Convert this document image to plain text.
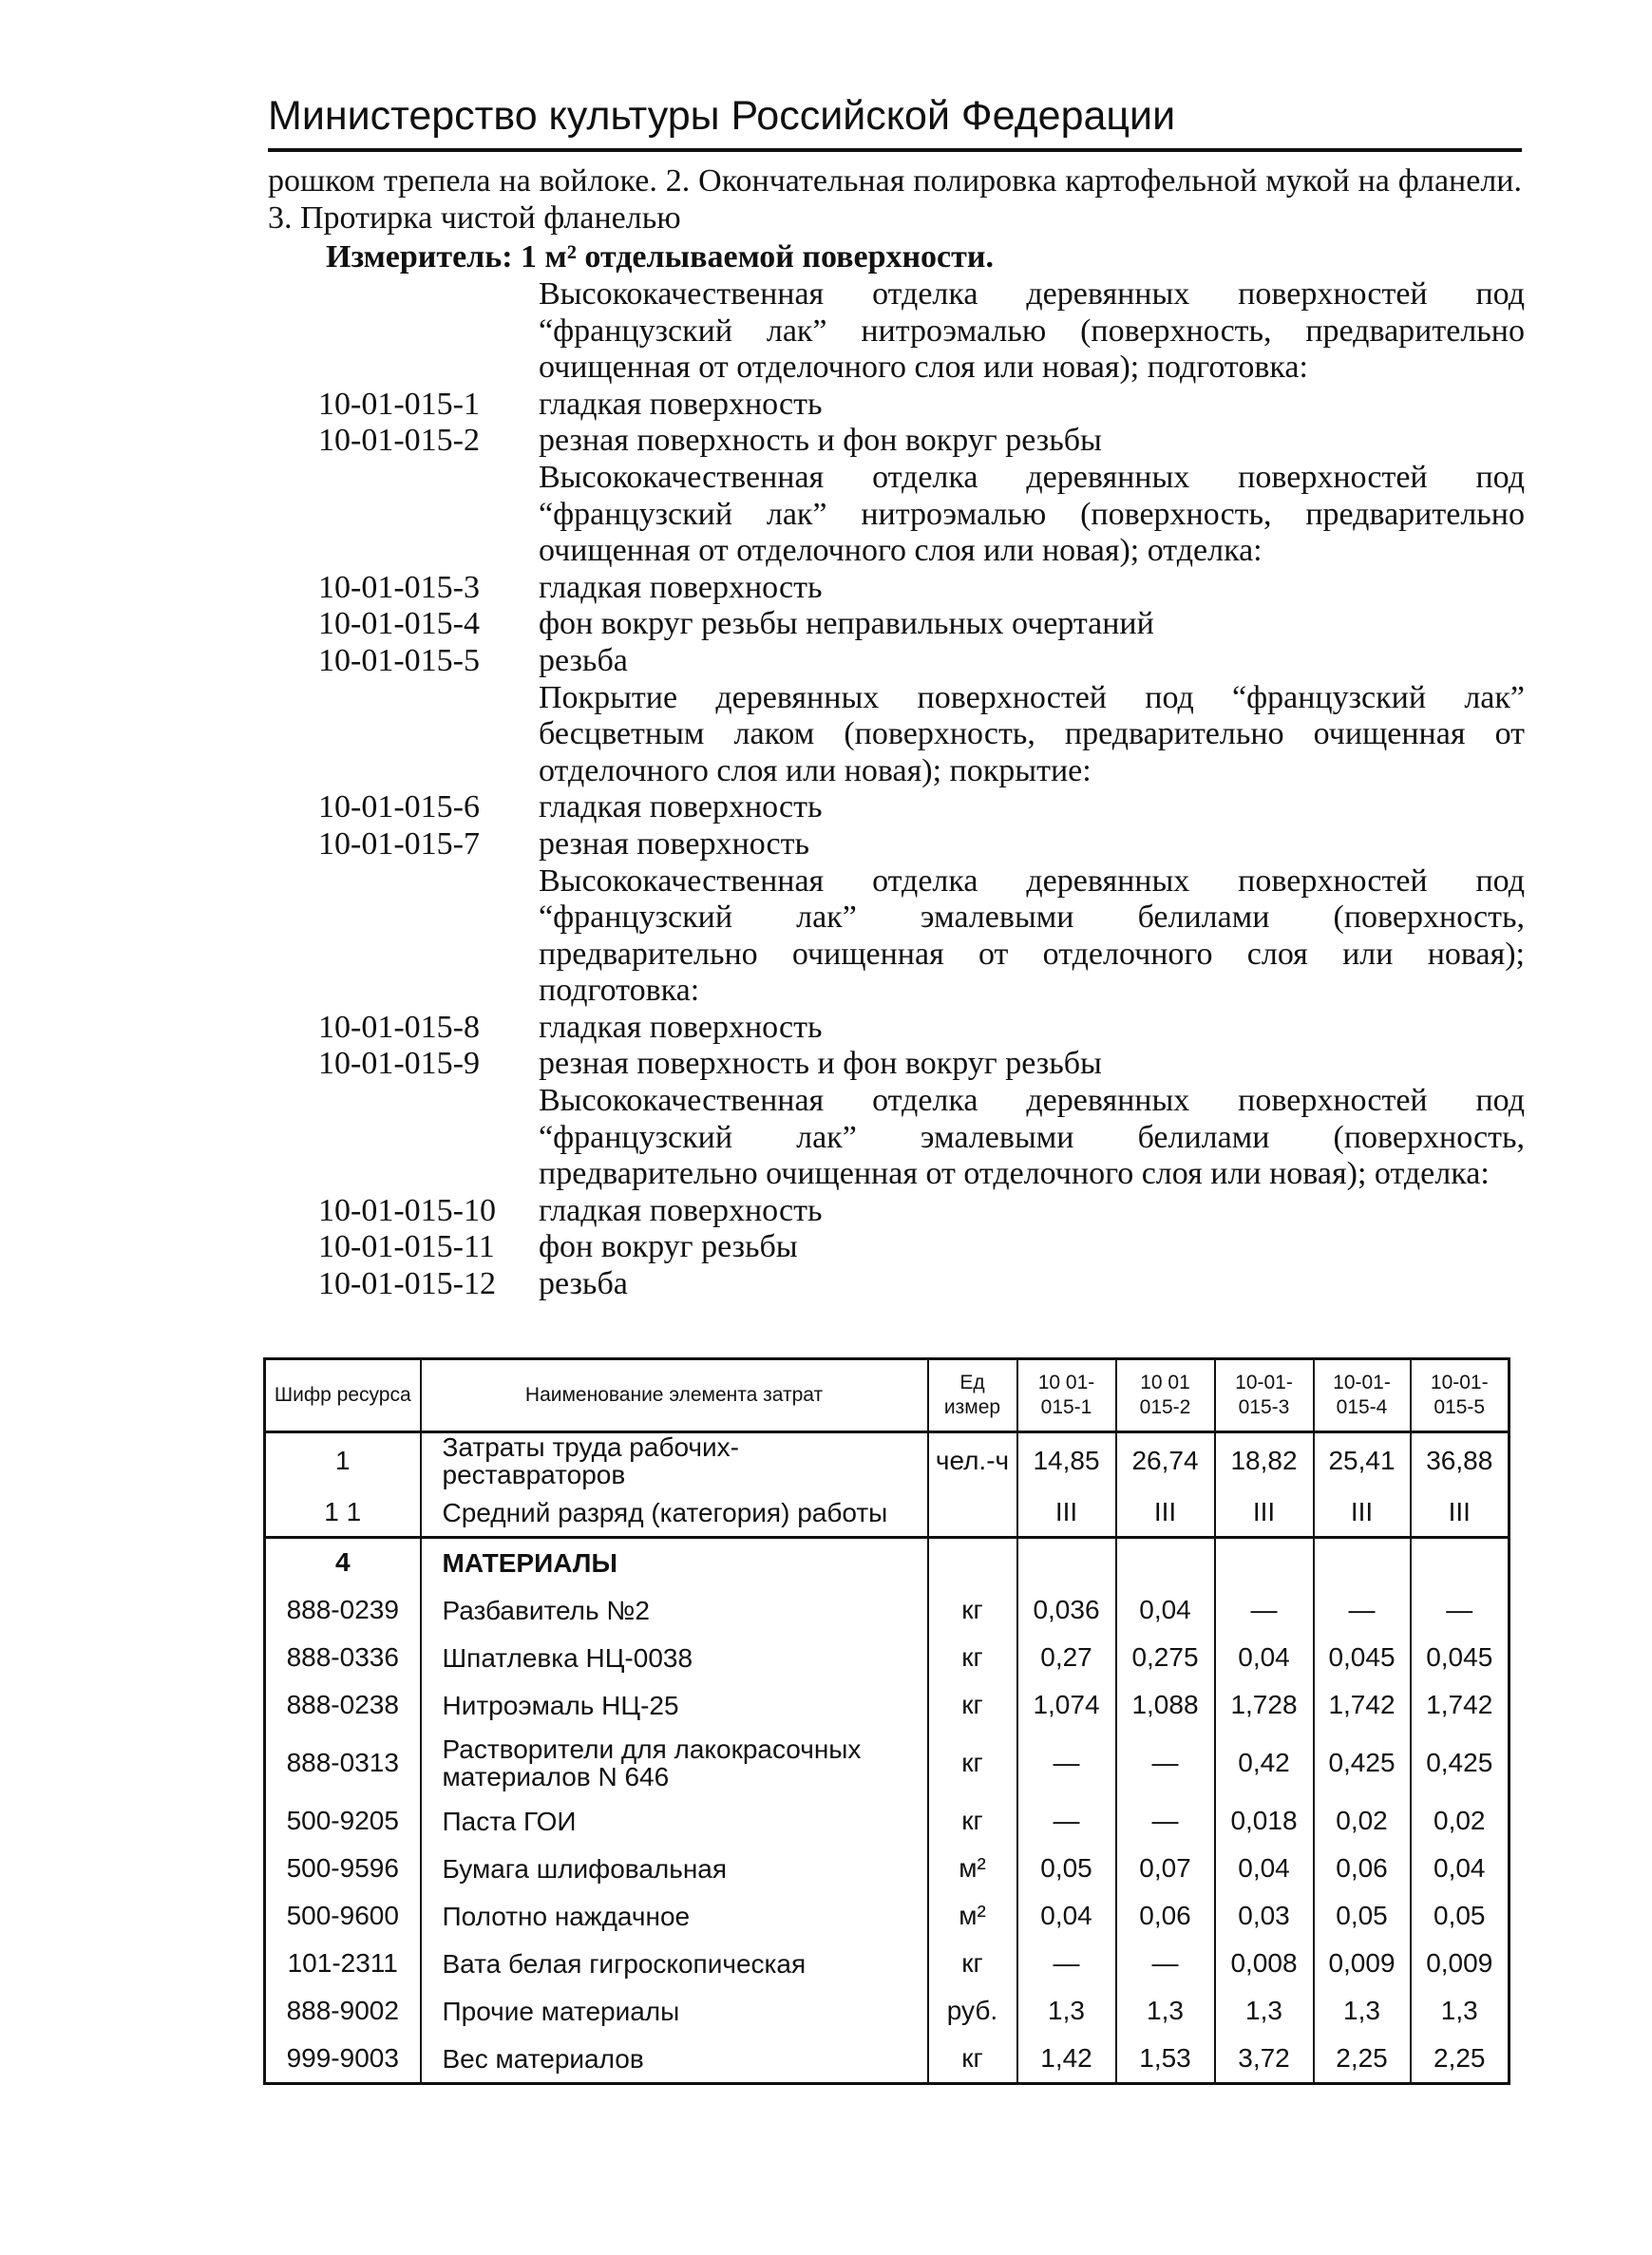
Министерство культуры Российской Федерации
рошком трепела на войлоке. 2. Окончательная полировка картофельной мукой на фланели. 3. Протирка чистой фланелью
Измеритель: 1 м² отделываемой поверхности.
Высококачественная отделка деревянных поверхностей под “французский лак” нитроэмалью (поверхность, предварительно очищенная от отделочного слоя или новая); подготовка:
10-01-015-1	гладкая поверхность
10-01-015-2	резная поверхность и фон вокруг резьбы
Высококачественная отделка деревянных поверхностей под “французский лак” нитроэмалью (поверхность, предварительно очищенная от отделочного слоя или новая); отделка:
10-01-015-3	гладкая поверхность
10-01-015-4	фон вокруг резьбы неправильных очертаний
10-01-015-5	резьба
Покрытие деревянных поверхностей под “французский лак” бесцветным лаком (поверхность, предварительно очищенная от отделочного слоя или новая); покрытие:
10-01-015-6	гладкая поверхность
10-01-015-7	резная поверхность
Высококачественная отделка деревянных поверхностей под “французский лак” эмалевыми белилами (поверхность, предварительно очищенная от отделочного слоя или новая); подготовка:
10-01-015-8	гладкая поверхность
10-01-015-9	резная поверхность и фон вокруг резьбы
Высококачественная отделка деревянных поверхностей под “французский лак” эмалевыми белилами (поверхность, предварительно очищенная от отделочного слоя или новая); отделка:
10-01-015-10	гладкая поверхность
10-01-015-11	фон вокруг резьбы
10-01-015-12	резьба
Шифр ресурса	Наименование элемента затрат	Ед измер	10 01-015-1	10 01 015-2	10-01-015-3	10-01-015-4	10-01-015-5
1	Затраты труда рабочих-реставраторов	чел.-ч	14,85	26,74	18,82	25,41	36,88
1 1	Средний разряд (категория) работы		III	III	III	III	III
4	МАТЕРИАЛЫ						
888-0239	Разбавитель №2	кг	0,036	0,04	—	—	—
888-0336	Шпатлевка НЦ-0038	кг	0,27	0,275	0,04	0,045	0,045
888-0238	Нитроэмаль НЦ-25	кг	1,074	1,088	1,728	1,742	1,742
888-0313	Растворители для лакокрасочных материалов N 646	кг	—	—	0,42	0,425	0,425
500-9205	Паста ГОИ	кг	—	—	0,018	0,02	0,02
500-9596	Бумага шлифовальная	м²	0,05	0,07	0,04	0,06	0,04
500-9600	Полотно наждачное	м²	0,04	0,06	0,03	0,05	0,05
101-2311	Вата белая гигроскопическая	кг	—	—	0,008	0,009	0,009
888-9002	Прочие материалы	руб.	1,3	1,3	1,3	1,3	1,3
999-9003	Вес материалов	кг	1,42	1,53	3,72	2,25	2,25
